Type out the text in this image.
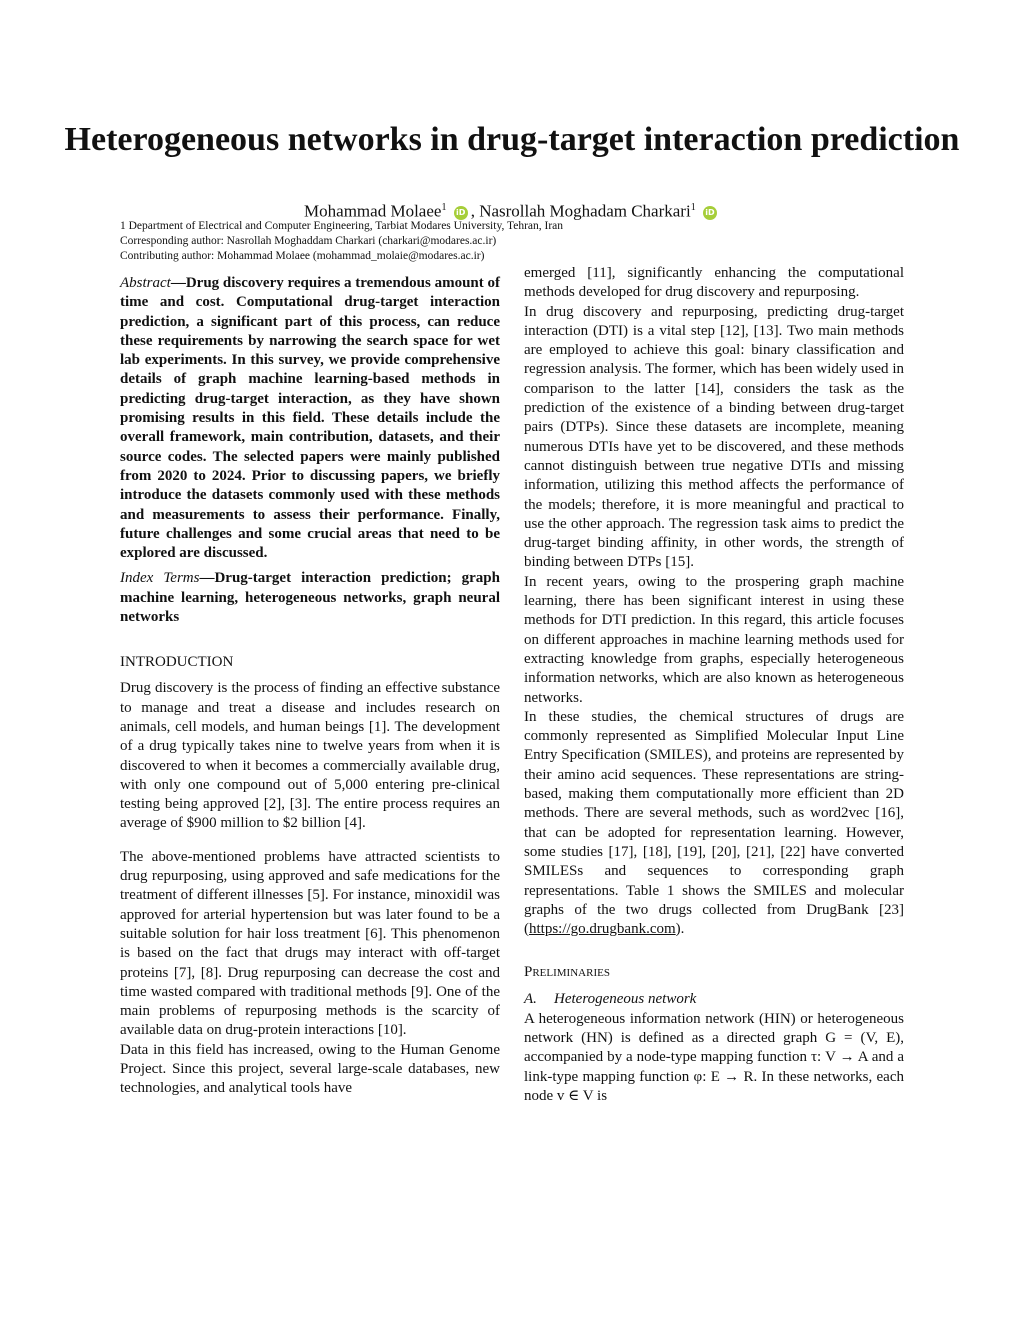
Heterogeneous networks in drug-target interaction prediction
Mohammad Molaee$^1$ iD , Nasrollah Moghadam Charkari$^1$ iD
1 Department of Electrical and Computer Engineering, Tarbiat Modares University, Tehran, Iran
Corresponding author: Nasrollah Moghaddam Charkari (charkari@modares.ac.ir)
Contributing author: Mohammad Molaee (mohammad_molaie@modares.ac.ir)

Abstract—Drug discovery requires a tremendous amount of time and cost. Computational drug-target interaction prediction, a significant part of this process, can reduce these requirements by narrowing the search space for wet lab experiments. In this survey, we provide comprehensive details of graph machine learning-based methods in predicting drug-target interaction, as they have shown promising results in this field. These details include the overall framework, main contribution, datasets, and their source codes. The selected papers were mainly published from 2020 to 2024. Prior to discussing papers, we briefly introduce the datasets commonly used with these methods and measurements to assess their performance. Finally, future challenges and some crucial areas that need to be explored are discussed.

Index Terms—Drug-target interaction prediction; graph machine learning, heterogeneous networks, graph neural networks

INTRODUCTION

Drug discovery is the process of finding an effective substance to manage and treat a disease and includes research on animals, cell models, and human beings [1]. The development of a drug typically takes nine to twelve years from when it is discovered to when it becomes a commercially available drug, with only one compound out of 5,000 entering pre-clinical testing being approved [2], [3]. The entire process requires an average of $900 million to $2 billion [4].

The above-mentioned problems have attracted scientists to drug repurposing, using approved and safe medications for the treatment of different illnesses [5]. For instance, minoxidil was approved for arterial hypertension but was later found to be a suitable solution for hair loss treatment [6]. This phenomenon is based on the fact that drugs may interact with off-target proteins [7], [8]. Drug repurposing can decrease the cost and time wasted compared with traditional methods [9]. One of the main problems of repurposing methods is the scarcity of available data on drug-protein interactions [10].

Data in this field has increased, owing to the Human Genome Project. Since this project, several large-scale databases, new technologies, and analytical tools have

emerged [11], significantly enhancing the computational methods developed for drug discovery and repurposing.

In drug discovery and repurposing, predicting drug-target interaction (DTI) is a vital step [12], [13]. Two main methods are employed to achieve this goal: binary classification and regression analysis. The former, which has been widely used in comparison to the latter [14], considers the task as the prediction of the existence of a binding between drug-target pairs (DTPs). Since these datasets are incomplete, meaning numerous DTIs have yet to be discovered, and these methods cannot distinguish between true negative DTIs and missing information, utilizing this method affects the performance of the models; therefore, it is more meaningful and practical to use the other approach. The regression task aims to predict the drug-target binding affinity, in other words, the strength of binding between DTPs [15].

In recent years, owing to the prospering graph machine learning, there has been significant interest in using these methods for DTI prediction. In this regard, this article focuses on different approaches in machine learning methods used for extracting knowledge from graphs, especially heterogeneous information networks, which are also known as heterogeneous networks.

In these studies, the chemical structures of drugs are commonly represented as Simplified Molecular Input Line Entry Specification (SMILES), and proteins are represented by their amino acid sequences. These representations are string-based, making them computationally more efficient than 2D methods. There are several methods, such as word2vec [16], that can be adopted for representation learning. However, some studies [17], [18], [19], [20], [21], [22] have converted SMILESs and sequences to corresponding graph representations. Table 1 shows the SMILES and molecular graphs of the two drugs collected from DrugBank [23] (https://go.drugbank.com).

Preliminaries

A. Heterogeneous network

A heterogeneous information network (HIN) or heterogeneous network (HN) is defined as a directed graph G = (V, E), accompanied by a node-type mapping function τ: V → A and a link-type mapping function φ: E → R. In these networks, each node v ∈ V is
